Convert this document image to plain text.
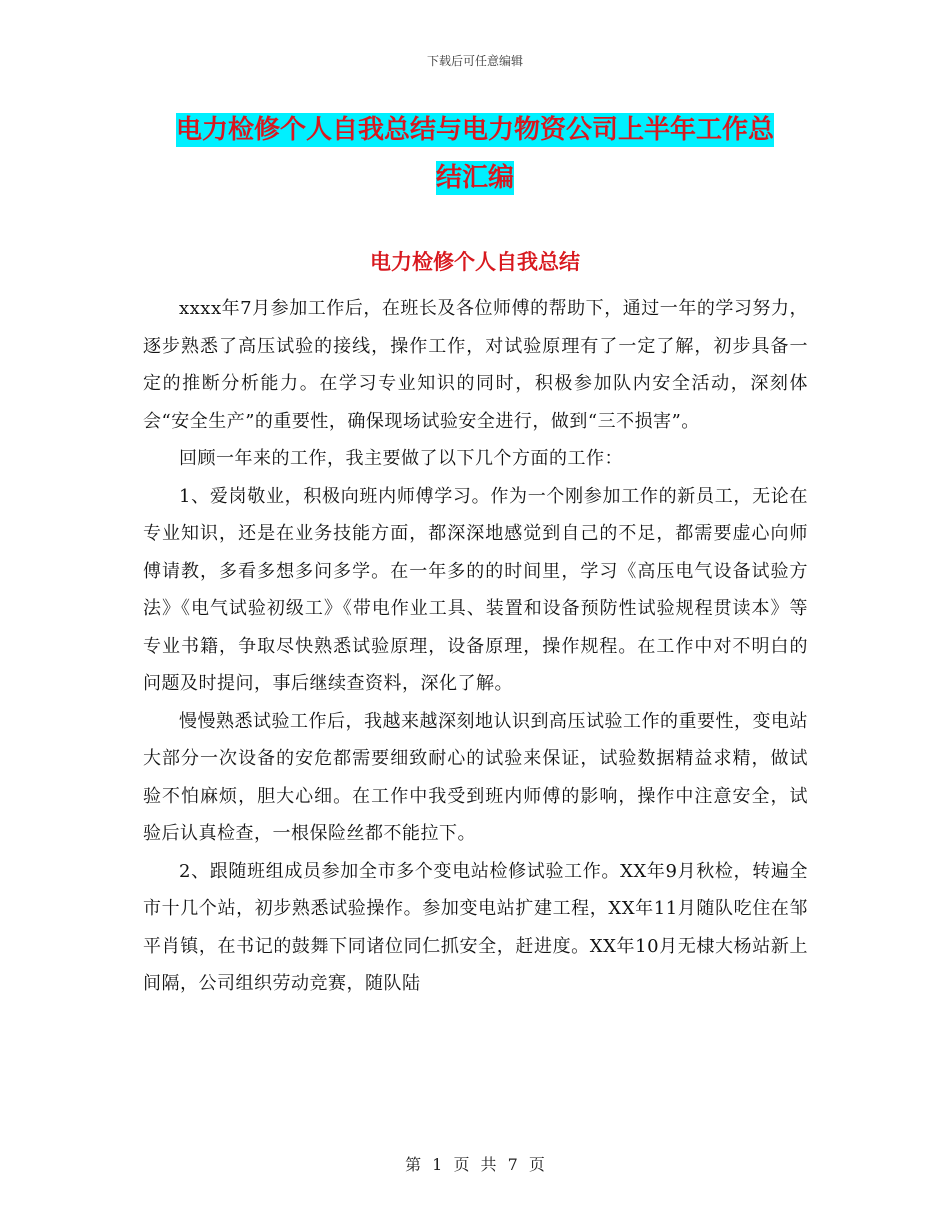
下载后可任意编辑
电力检修个人自我总结与电力物资公司上半年工作总
结汇编
电力检修个人自我总结

xxxx年7月参加工作后，在班长及各位师傅的帮助下，通过一年的学习努力，逐步熟悉了高压试验的接线，操作工作，对试验原理有了一定了解，初步具备一定的推断分析能力。在学习专业知识的同时，积极参加队内安全活动，深刻体会“安全生产”的重要性，确保现场试验安全进行，做到“三不损害”。

回顾一年来的工作，我主要做了以下几个方面的工作：

1、爱岗敬业，积极向班内师傅学习。作为一个刚参加工作的新员工，无论在专业知识，还是在业务技能方面，都深深地感觉到自己的不足，都需要虚心向师傅请教，多看多想多问多学。在一年多的的时间里，学习《高压电气设备试验方法》《电气试验初级工》《带电作业工具、装置和设备预防性试验规程贯读本》等专业书籍，争取尽快熟悉试验原理，设备原理，操作规程。在工作中对不明白的问题及时提问，事后继续查资料，深化了解。

慢慢熟悉试验工作后，我越来越深刻地认识到高压试验工作的重要性，变电站大部分一次设备的安危都需要细致耐心的试验来保证，试验数据精益求精，做试验不怕麻烦，胆大心细。在工作中我受到班内师傅的影响，操作中注意安全，试验后认真检查，一根保险丝都不能拉下。

2、跟随班组成员参加全市多个变电站检修试验工作。XX年9月秋检，转遍全市十几个站，初步熟悉试验操作。参加变电站扩建工程，XX年11月随队吃住在邹平肖镇，在书记的鼓舞下同诸位同仁抓安全，赶进度。XX年10月无棣大杨站新上间隔，公司组织劳动竞赛，随队陆

第 1 页 共 7 页
